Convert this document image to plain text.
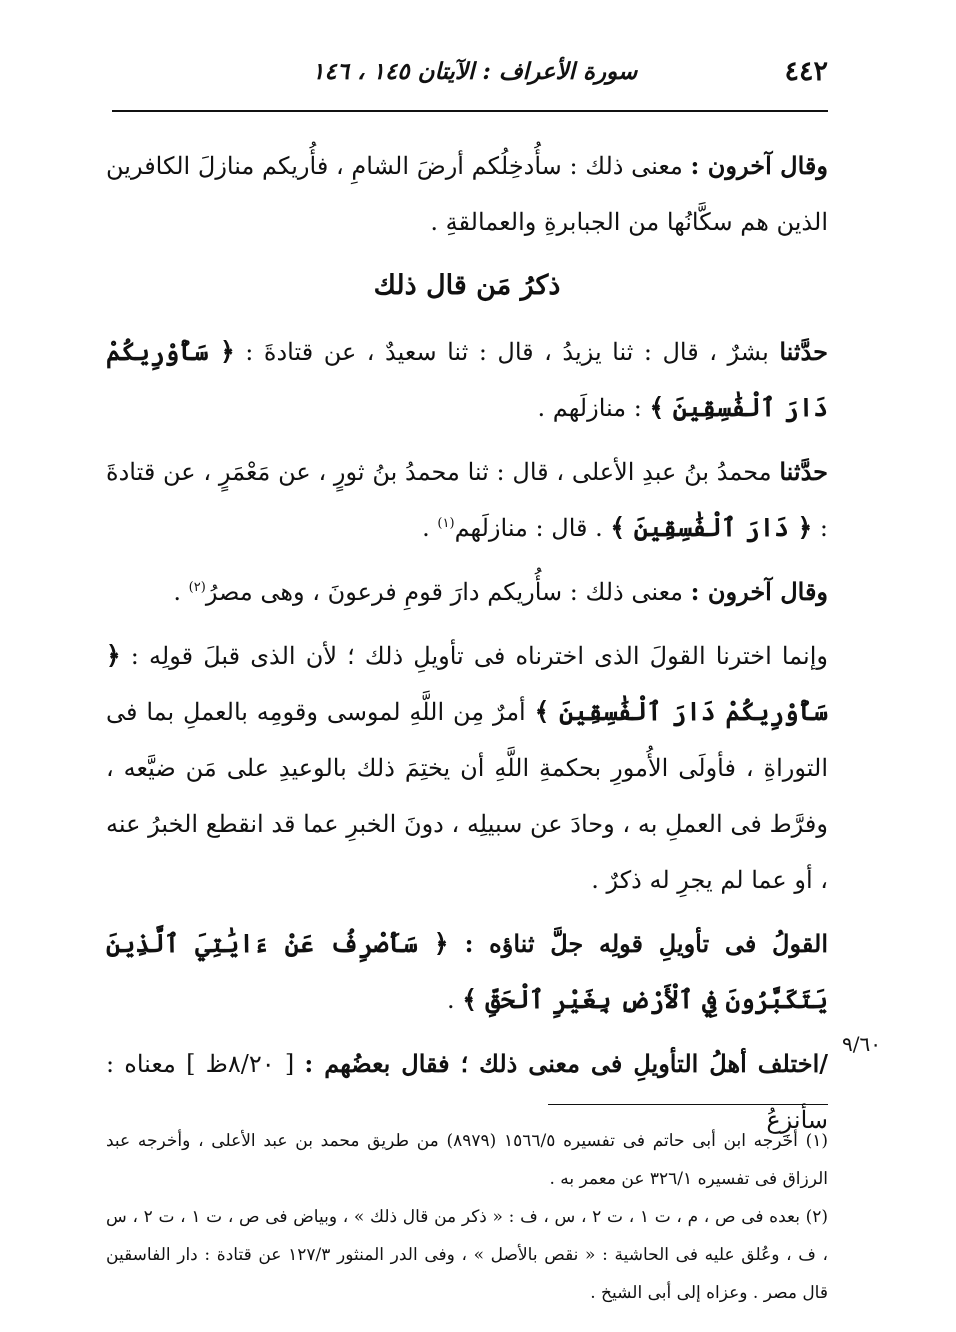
٤٤٢
سورة الأعراف : الآيتان ١٤٥ ، ١٤٦

وقال آخرون : معنى ذلك : سأُدخِلُكم أرضَ الشامِ ، فأُريكم منازلَ الكافرين الذين هم سكَّانُها من الجبابرةِ والعمالقةِ .

ذكرُ مَن قال ذلك

حدَّثنا بشرٌ ، قال : ثنا يزيدُ ، قال : ثنا سعيدٌ ، عن قتادةَ : ﴿ سَأُوْرِيكُمْ دَارَ ٱلْفَٰسِقِينَ ﴾ : منازلَهم .

حدَّثنا محمدُ بنُ عبدِ الأعلى ، قال : ثنا محمدُ بنُ ثورٍ ، عن مَعْمَرٍ ، عن قتادةَ : ﴿ دَارَ ٱلْفَٰسِقِينَ ﴾ . قال : منازلَهم$^{(١)}$ .

وقال آخرون : معنى ذلك : سأُريكم دارَ قومِ فرعونَ ، وهى مصرُ$^{(٢)}$ .

وإنما اخترنا القولَ الذى اخترناه فى تأويلِ ذلك ؛ لأن الذى قبلَ قولِه : ﴿ سَأُوْرِيكُمْ دَارَ ٱلْفَٰسِقِينَ ﴾ أمرٌ مِن اللَّهِ لموسى وقومِه بالعملِ بما فى التوراةِ ، فأولَى الأُمورِ بحكمةِ اللَّهِ أن يختِمَ ذلك بالوعيدِ على مَن ضيَّعه ، وفرَّط فى العملِ به ، وحادَ عن سبيلِه ، دونَ الخبرِ عما قد انقطع الخبرُ عنه ، أو عما لم يجرِ له ذكرٌ .

القولُ فى تأويلِ قولِه جلَّ ثناؤه : ﴿ سَأَصْرِفُ عَنْ ءَايَٰتِيَ ٱلَّذِينَ يَتَكَبَّرُونَ فِي ٱلْأَرْضِ بِغَيْرِ ٱلْحَقِّ ﴾ .

/اختلف أهلُ التأويلِ فى معنى ذلك ؛ فقال بعضُهم : [ ٨/٢٠ظ ] معناه : سأنزِعُ

٩/٦٠

(١) أخرجه ابن أبى حاتم فى تفسيره ١٥٦٦/٥ (٨٩٧٩) من طريق محمد بن عبد الأعلى ، وأخرجه عبد الرزاق فى تفسيره ٣٢٦/١ عن معمر به .

(٢) بعده فى ص ، م ، ت ١ ، ت ٢ ، س ، ف : « ذكر من قال ذلك » ، وبياض فى ص ، ت ١ ، ت ٢ ، س ، ف ، وعُلق عليه فى الحاشية : « نقص بالأصل » ، وفى الدر المنثور ١٢٧/٣ عن قتادة : دار الفاسقين قال مصر . وعزاه إلى أبى الشيخ .
